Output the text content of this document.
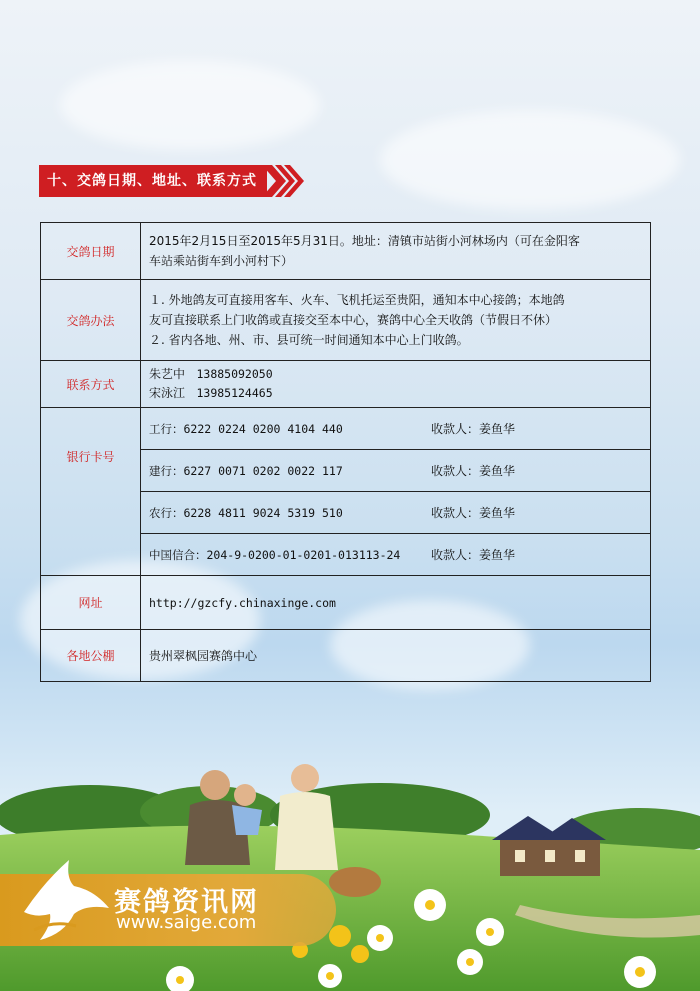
十、交鸽日期、地址、联系方式
交鸽日期	2015年2月15日至2015年5月31日。地址：清镇市站街小河林场内（可在金阳客
车站乘站街车到小河村下）

交鸽办法	１. 外地鸽友可直接用客车、火车、飞机托运至贵阳，通知本中心接鸽；本地鸽
友可直接联系上门收鸽或直接交至本中心，赛鸽中心全天收鸽（节假日不休）
２. 省内各地、州、市、县可统一时间通知本中心上门收鸽。

联系方式	朱艺中 13885092050
宋泳江 13985124465

银行卡号	工行：6222 0224 0200 4104 440 收款人：姜鱼华

	建行：6227 0071 0202 0022 117 收款人：姜鱼华

	农行：6228 4811 9024 5319 510 收款人：姜鱼华

	中国信合：204-9-0200-01-0201-013113-24 收款人：姜鱼华

网址	http://gzcfy.chinaxinge.com
各地公棚	贵州翠枫园赛鸽中心
赛鸽资讯网
www.saige.com
